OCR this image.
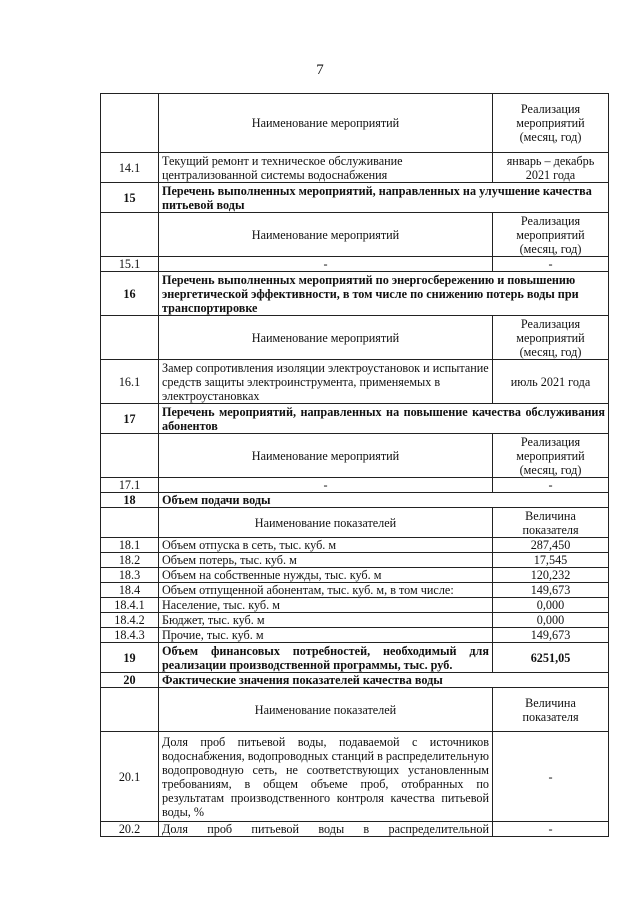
7
	Наименование мероприятий	Реализация мероприятий (месяц, год)
14.1	Текущий ремонт и техническое обслуживание централизованной системы водоснабжения	январь – декабрь 2021 года
15	Перечень выполненных мероприятий, направленных на улучшение качества питьевой воды	
	Наименование мероприятий	Реализация мероприятий (месяц, год)
15.1	-	-
16	Перечень выполненных мероприятий по энергосбережению и повышению энергетической эффективности, в том числе по снижению потерь воды при транспортировке	
	Наименование мероприятий	Реализация мероприятий (месяц, год)
16.1	Замер сопротивления изоляции электроустановок и испытание средств защиты электроинструмента, применяемых в электроустановках	июль 2021 года
17	Перечень мероприятий, направленных на повышение качества обслуживания абонентов	
	Наименование мероприятий	Реализация мероприятий (месяц, год)
17.1	-	-
18	Объем подачи воды	
	Наименование показателей	Величина показателя
18.1	Объем отпуска в сеть, тыс. куб. м	287,450
18.2	Объем потерь, тыс. куб. м	17,545
18.3	Объем на собственные нужды, тыс. куб. м	120,232
18.4	Объем отпущенной абонентам, тыс. куб. м, в том числе:	149,673
18.4.1	Население, тыс. куб. м	0,000
18.4.2	Бюджет, тыс. куб. м	0,000
18.4.3	Прочие, тыс. куб. м	149,673
19	Объем финансовых потребностей, необходимый для реализации производственной программы, тыс. руб.	6251,05
20	Фактические значения показателей качества воды	
	Наименование показателей	Величина показателя
20.1	Доля проб питьевой воды, подаваемой с источников водоснабжения, водопроводных станций в распределительную водопроводную сеть, не соответствующих установленным требованиям, в общем объеме проб, отобранных по результатам производственного контроля качества питьевой воды, %	-
20.2	Доля проб питьевой воды в распределительной	-
